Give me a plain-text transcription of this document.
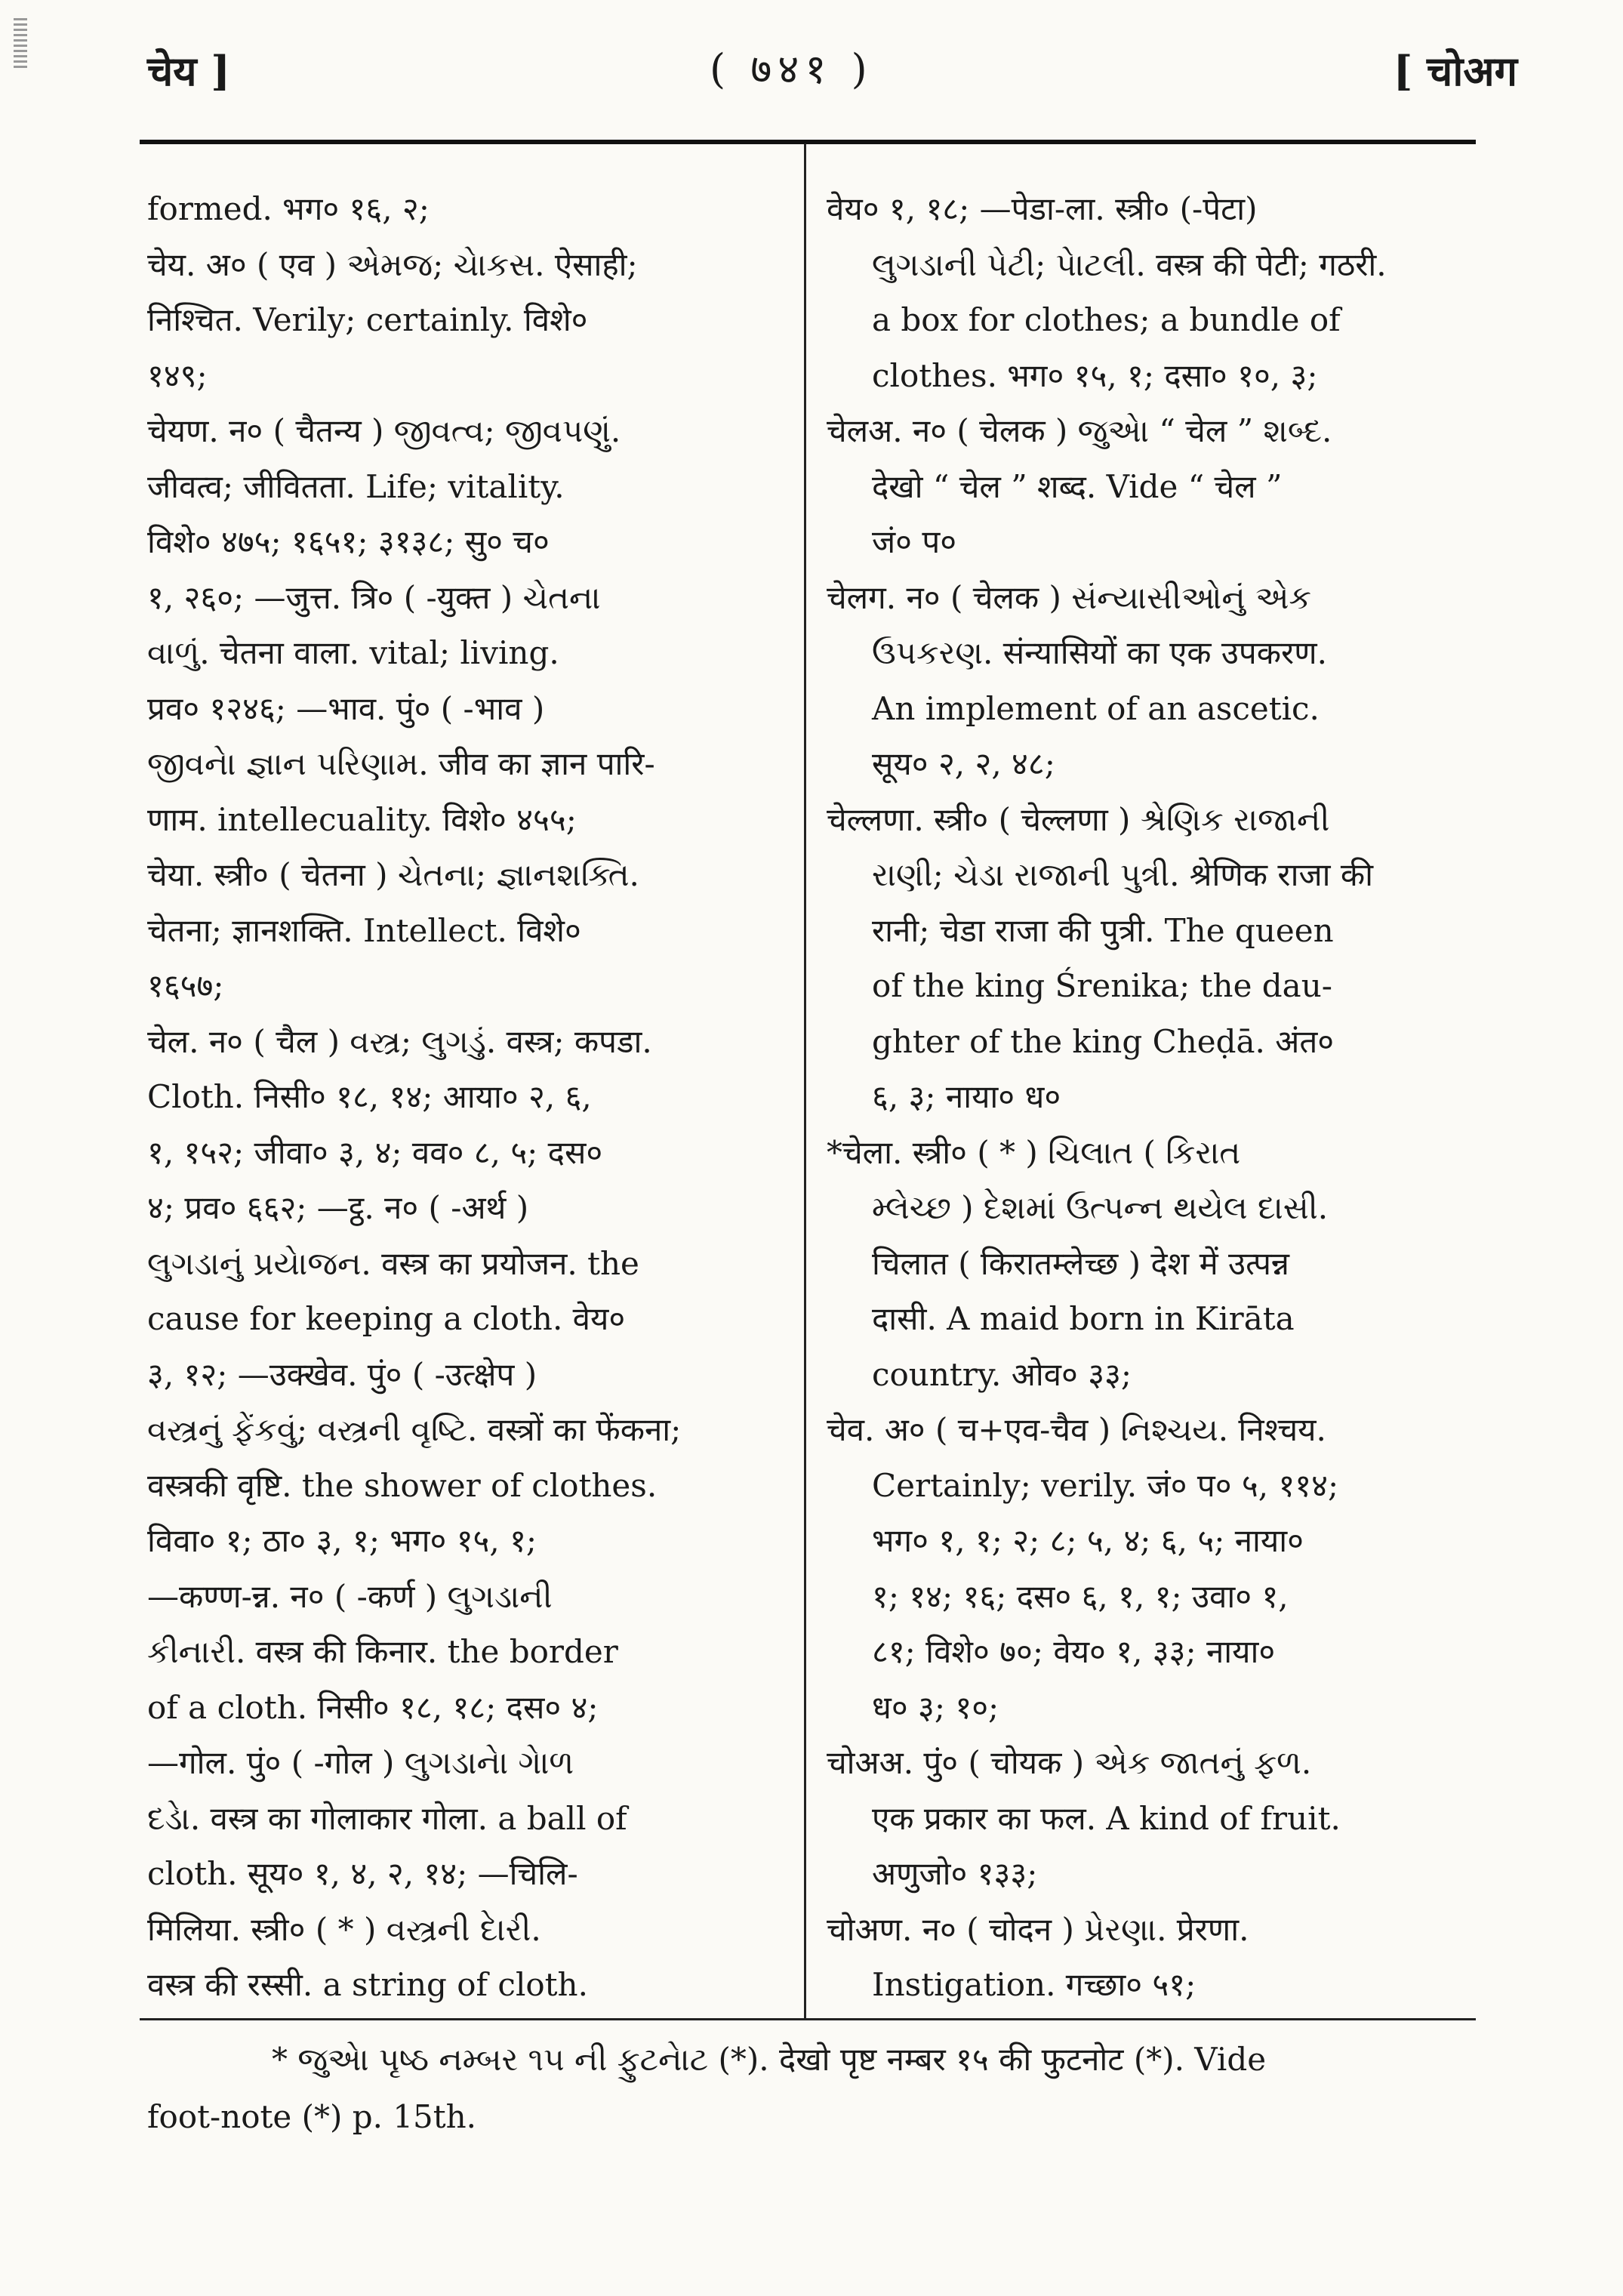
चेय ]	( ७४१ )	[ चोअग
formed. भग० १६, २;
चेय. अ० ( एव ) એમજ; ચેાકસ. ऐसाही;
निश्चित. Verily; certainly. विशे०
१४९;
चेयण. न० ( चैतन्य ) જીવત્વ; જીવપણું.
जीवत्व; जीवितता. Life; vitality.
विशे० ४७५; १६५१; ३१३८; सु० च०
१, २६०; —जुत्त. त्रि० ( -युक्त ) ચેતના
વાળું. चेतना वाला. vital; living.
प्रव० १२४६; —भाव. पुं० ( -भाव )
જીવનેા જ્ઞાન પરિણામ. जीव का ज्ञान पारि-
णाम. intellecuality. विशे० ४५५;
चेया. स्त्री० ( चेतना ) ચેતના; જ્ઞાનશક્તિ.
चेतना; ज्ञानशक्ति. Intellect. विशे०
१६५७;
चेल. न० ( चैल ) વસ્ત્ર; લુગડું. वस्त्र; कपडा.
Cloth. निसी० १८, १४; आया० २, ६,
१, १५२; जीवा० ३, ४; वव० ८, ५; दस०
४; प्रव० ६६२; —ट्ठ. न० ( -अर्थ )
લુગડાનું પ્રયેાજન. वस्त्र का प्रयोजन. the
cause for keeping a cloth. वेय०
३, १२; —उक्खेव. पुं० ( -उत्क्षेप )
વસ્ત્રનું ફેંકવું; વસ્ત્રની વૃષ્ટિ. वस्त्रों का फेंकना;
वस्त्रकी वृष्टि. the shower of clothes.
विवा० १; ठा० ३, १; भग० १५, १;
—कण्ण-न्न. न० ( -कर्ण ) લુગડાની
કીનારી. वस्त्र की किनार. the border
of a cloth. निसी० १८, १८; दस० ४;
—गोल. पुं० ( -गोल ) લુગડાનેા ગેાળ
દડેા. वस्त्र का गोलाकार गोला. a ball of
cloth. सूय० १, ४, २, १४; —चिलि-
मिलिया. स्त्री० ( * ) વસ્ત્રની દેારી.
वस्त्र की रस्सी. a string of cloth.
वेय० १, १८; —पेडा-ला. स्त्री० (-पेटा)
લુગડાની પેટી; પેાટલી. वस्त्र की पेटी; गठरी.
a box for clothes; a bundle of
clothes. भग० १५, १; दसा० १०, ३;
चेलअ. न० ( चेलक ) જુએા “ चेल ” શબ્દ.
देखो “ चेल ” शब्द. Vide “ चेल ”
जं० प०
चेलग. न० ( चेलक ) સંન્યાસીઓનું એક
ઉપકરણ. संन्यासियों का एक उपकरण.
An implement of an ascetic.
सूय० २, २, ४८;
चेल्लणा. स्त्री० ( चेल्लणा ) શ્રેણિક રાજાની
રાણી; ચેડા રાજાની પુત્રી. श्रेणिक राजा की
रानी; चेडा राजा की पुत्री. The queen
of the king Śrenika; the dau-
ghter of the king Cheḍā. अंत०
६, ३; नाया० ध०
*चेला. स्त्री० ( * ) ચિલાત ( કિરાત
મ્લેચ્છ ) દેશમાં ઉત્પન્ન થયેલ દાસી.
चिलात ( किरातम्लेच्छ ) देश में उत्पन्न
दासी. A maid born in Kirāta
country. ओव० ३३;
चेव. अ० ( च+एव-चैव ) નિશ્ચય. निश्चय.
Certainly; verily. जं० प० ५, ११४;
भग० १, १; २; ८; ५, ४; ६, ५; नाया०
१; १४; १६; दस० ६, १, १; उवा० १,
८१; विशे० ७०; वेय० १, ३३; नाया०
ध० ३; १०;
चोअअ. पुं० ( चोयक ) એક જાતનું ફળ.
एक प्रकार का फल. A kind of fruit.
अणुजो० १३३;
चोअण. न० ( चोदन ) પ્રેરણા. प्रेरणा.
Instigation. गच्छा० ५१;
* જુએા પૃષ્ઠ નમ્બર ૧૫ ની ફુટનેાટ (*). देखो पृष्ट नम्बर १५ की फुटनोट (*). Vide
foot-note (*) p. 15th.
